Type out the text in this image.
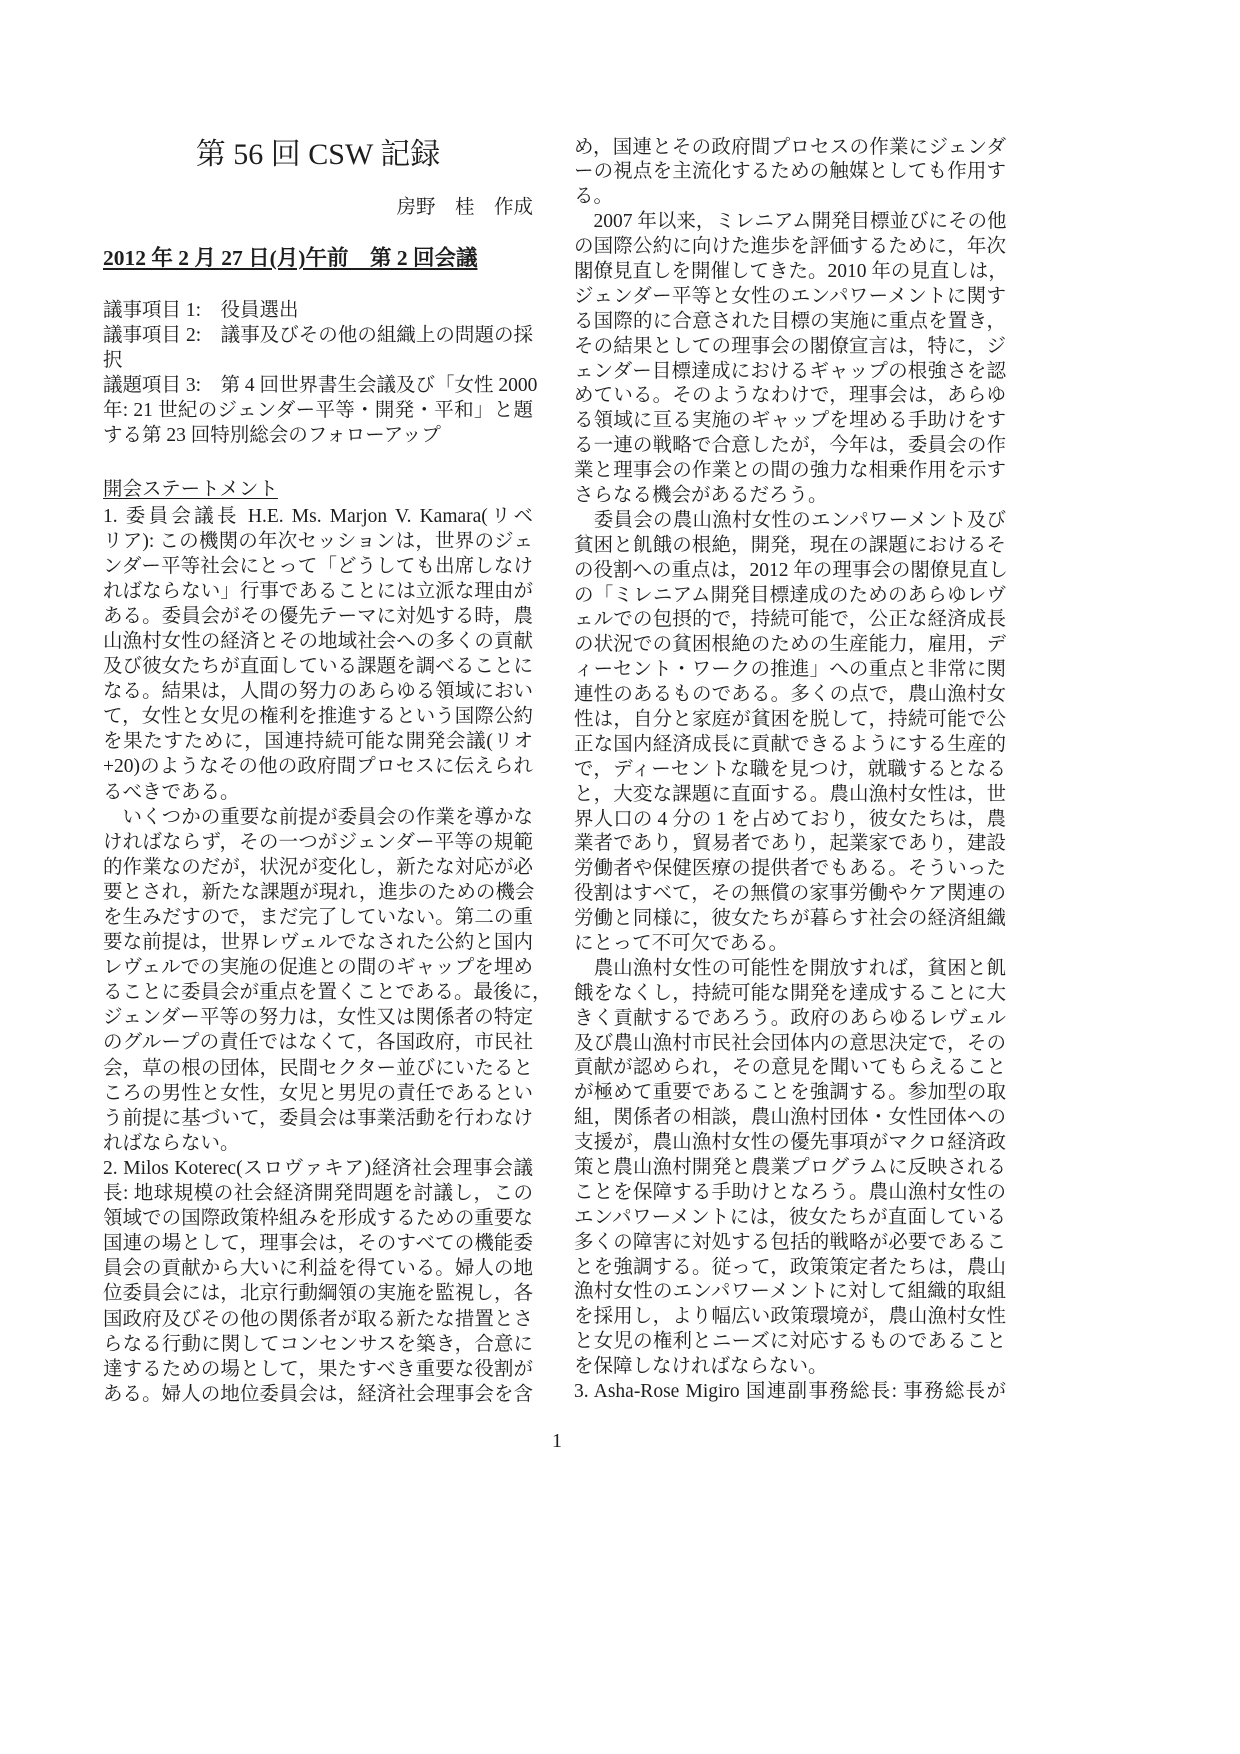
第 56 回 CSW 記録
房野　桂　作成
2012 年 2 月 27 日(月)午前　第 2 回会議
議事項目 1:　役員選出
議事項目 2:　議事及びその他の組織上の問題の採
択
議題項目 3:　第 4 回世界書生会議及び「女性 2000
年: 21 世紀のジェンダー平等・開発・平和」と題
する第 23 回特別総会のフォローアップ
開会ステートメント
1. 委員会議長 H.E. Ms. Marjon V. Kamara(リベ
リア): この機関の年次セッションは，世界のジェ
ンダー平等社会にとって「どうしても出席しなけ
ればならない」行事であることには立派な理由が
ある。委員会がその優先テーマに対処する時，農
山漁村女性の経済とその地域社会への多くの貢献
及び彼女たちが直面している課題を調べることに
なる。結果は，人間の努力のあらゆる領域におい
て，女性と女児の権利を推進するという国際公約
を果たすために，国連持続可能な開発会議(リオ
+20)のようなその他の政府間プロセスに伝えられ
るべきである。
　いくつかの重要な前提が委員会の作業を導かな
ければならず，その一つがジェンダー平等の規範
的作業なのだが，状況が変化し，新たな対応が必
要とされ，新たな課題が現れ，進歩のための機会
を生みだすので，まだ完了していない。第二の重
要な前提は，世界レヴェルでなされた公約と国内
レヴェルでの実施の促進との間のギャップを埋め
ることに委員会が重点を置くことである。最後に，
ジェンダー平等の努力は，女性又は関係者の特定
のグループの責任ではなくて，各国政府，市民社
会，草の根の団体，民間セクター並びにいたると
ころの男性と女性，女児と男児の責任であるとい
う前提に基づいて，委員会は事業活動を行わなけ
ればならない。
2. Milos Koterec(スロヴァキア)経済社会理事会議
長: 地球規模の社会経済開発問題を討議し，この
領域での国際政策枠組みを形成するための重要な
国連の場として，理事会は，そのすべての機能委
員会の貢献から大いに利益を得ている。婦人の地
位委員会には，北京行動綱領の実施を監視し，各
国政府及びその他の関係者が取る新たな措置とさ
らなる行動に関してコンセンサスを築き，合意に
達するための場として，果たすべき重要な役割が
ある。婦人の地位委員会は，経済社会理事会を含
め，国連とその政府間プロセスの作業にジェンダ
ーの視点を主流化するための触媒としても作用す
る。
　2007 年以来，ミレニアム開発目標並びにその他
の国際公約に向けた進歩を評価するために，年次
閣僚見直しを開催してきた。2010 年の見直しは，
ジェンダー平等と女性のエンパワーメントに関す
る国際的に合意された目標の実施に重点を置き，
その結果としての理事会の閣僚宣言は，特に，ジ
ェンダー目標達成におけるギャップの根強さを認
めている。そのようなわけで，理事会は，あらゆ
る領域に亘る実施のギャップを埋める手助けをす
る一連の戦略で合意したが，今年は，委員会の作
業と理事会の作業との間の強力な相乗作用を示す
さらなる機会があるだろう。
　委員会の農山漁村女性のエンパワーメント及び
貧困と飢餓の根絶，開発，現在の課題におけるそ
の役割への重点は，2012 年の理事会の閣僚見直し
の「ミレニアム開発目標達成のためのあらゆレヴ
ェルでの包摂的で，持続可能で，公正な経済成長
の状況での貧困根絶のための生産能力，雇用，デ
ィーセント・ワークの推進」への重点と非常に関
連性のあるものである。多くの点で，農山漁村女
性は，自分と家庭が貧困を脱して，持続可能で公
正な国内経済成長に貢献できるようにする生産的
で，ディーセントな職を見つけ，就職するとなる
と，大変な課題に直面する。農山漁村女性は，世
界人口の 4 分の 1 を占めており，彼女たちは，農
業者であり，貿易者であり，起業家であり，建設
労働者や保健医療の提供者でもある。そういった
役割はすべて，その無償の家事労働やケア関連の
労働と同様に，彼女たちが暮らす社会の経済組織
にとって不可欠である。
　農山漁村女性の可能性を開放すれば，貧困と飢
餓をなくし，持続可能な開発を達成することに大
きく貢献するであろう。政府のあらゆるレヴェル
及び農山漁村市民社会団体内の意思決定で，その
貢献が認められ，その意見を聞いてもらえること
が極めて重要であることを強調する。参加型の取
組，関係者の相談，農山漁村団体・女性団体への
支援が，農山漁村女性の優先事項がマクロ経済政
策と農山漁村開発と農業プログラムに反映される
ことを保障する手助けとなろう。農山漁村女性の
エンパワーメントには，彼女たちが直面している
多くの障害に対処する包括的戦略が必要であるこ
とを強調する。従って，政策策定者たちは，農山
漁村女性のエンパワーメントに対して組織的取組
を採用し，より幅広い政策環境が，農山漁村女性
と女児の権利とニーズに対応するものであること
を保障しなければならない。
3. Asha-Rose Migiro 国連副事務総長: 事務総長が
1
